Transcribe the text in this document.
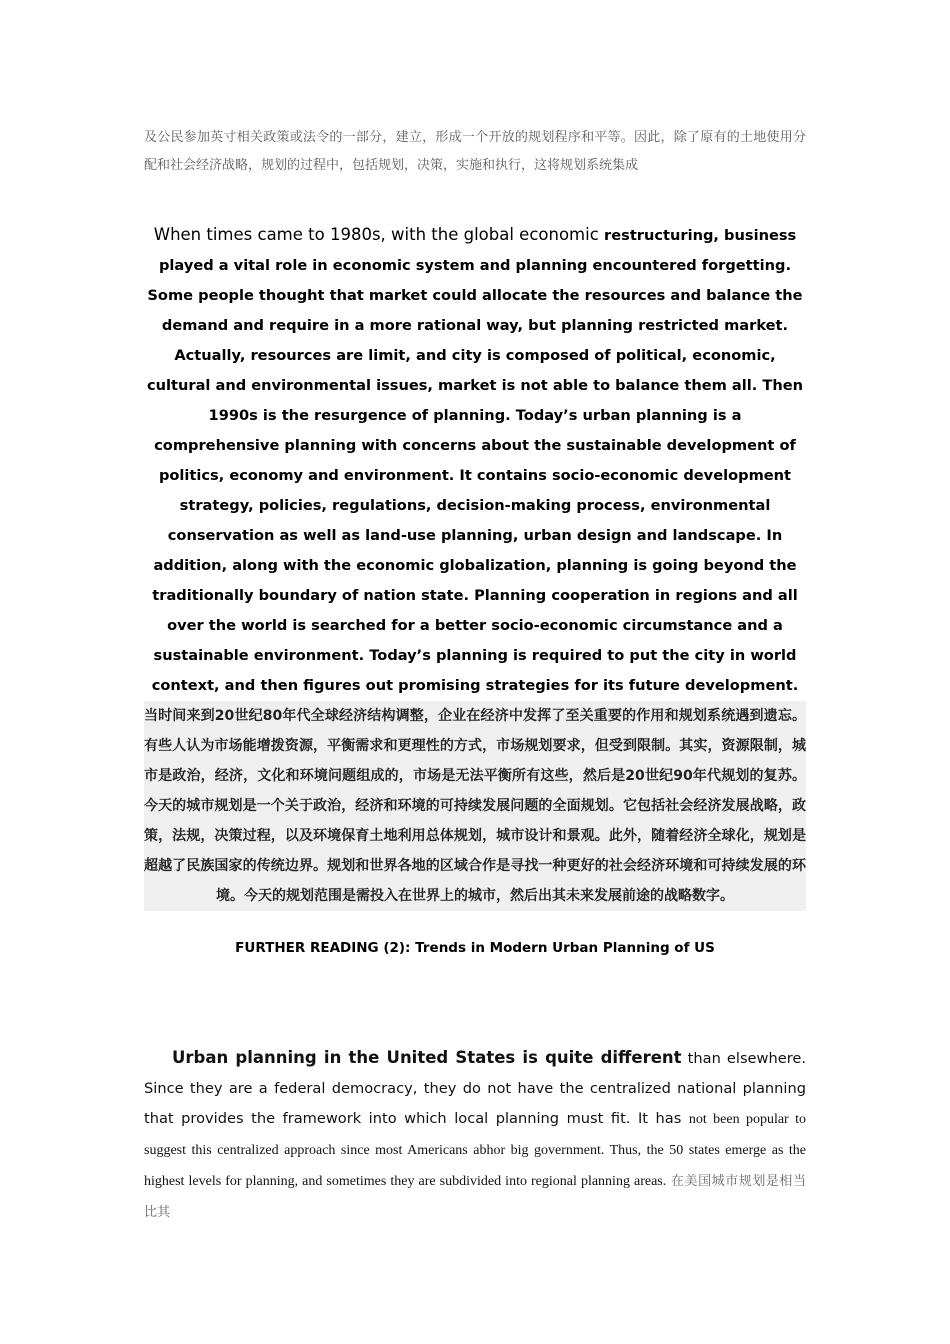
及公民参加英寸相关政策或法令的一部分，建立，形成一个开放的规划程序和平等。因此，除了原有的土地使用分配和社会经济战略，规划的过程中，包括规划，决策，实施和执行，这将规划系统集成
When times came to 1980s, with the global economic restructuring, business played a vital role in economic system and planning encountered forgetting. Some people thought that market could allocate the resources and balance the demand and require in a more rational way, but planning restricted market. Actually, resources are limit, and city is composed of political, economic, cultural and environmental issues, market is not able to balance them all. Then 1990s is the resurgence of planning. Today’s urban planning is a comprehensive planning with concerns about the sustainable development of politics, economy and environment. It contains socio-economic development strategy, policies, regulations, decision-making process, environmental conservation as well as land-use planning, urban design and landscape. In addition, along with the economic globalization, planning is going beyond the traditionally boundary of nation state. Planning cooperation in regions and all over the world is searched for a better socio-economic circumstance and a sustainable environment. Today’s planning is required to put the city in world context, and then figures out promising strategies for its future development.
当时间来到20世纪80年代全球经济结构调整，企业在经济中发挥了至关重要的作用和规划系统遇到遗忘。有些人认为市场能增拨资源，平衡需求和更理性的方式，市场规划要求，但受到限制。其实，资源限制，城市是政治，经济，文化和环境问题组成的，市场是无法平衡所有这些，然后是20世纪90年代规划的复苏。今天的城市规划是一个关于政治，经济和环境的可持续发展问题的全面规划。它包括社会经济发展战略，政策，法规，决策过程，以及环境保育土地利用总体规划，城市设计和景观。此外，随着经济全球化，规划是超越了民族国家的传统边界。规划和世界各地的区域合作是寻找一种更好的社会经济环境和可持续发展的环境。今天的规划范围是需投入在世界上的城市，然后出其未来发展前途的战略数字。
FURTHER READING (2): Trends in Modern Urban Planning of US
Urban planning in the United States is quite different than elsewhere. Since they are a federal democracy, they do not have the centralized national planning that provides the framework into which local planning must fit. It has not been popular to suggest this centralized approach since most Americans abhor big government. Thus, the 50 states emerge as the highest levels for planning, and sometimes they are subdivided into regional planning areas. 在美国城市规划是相当比其
